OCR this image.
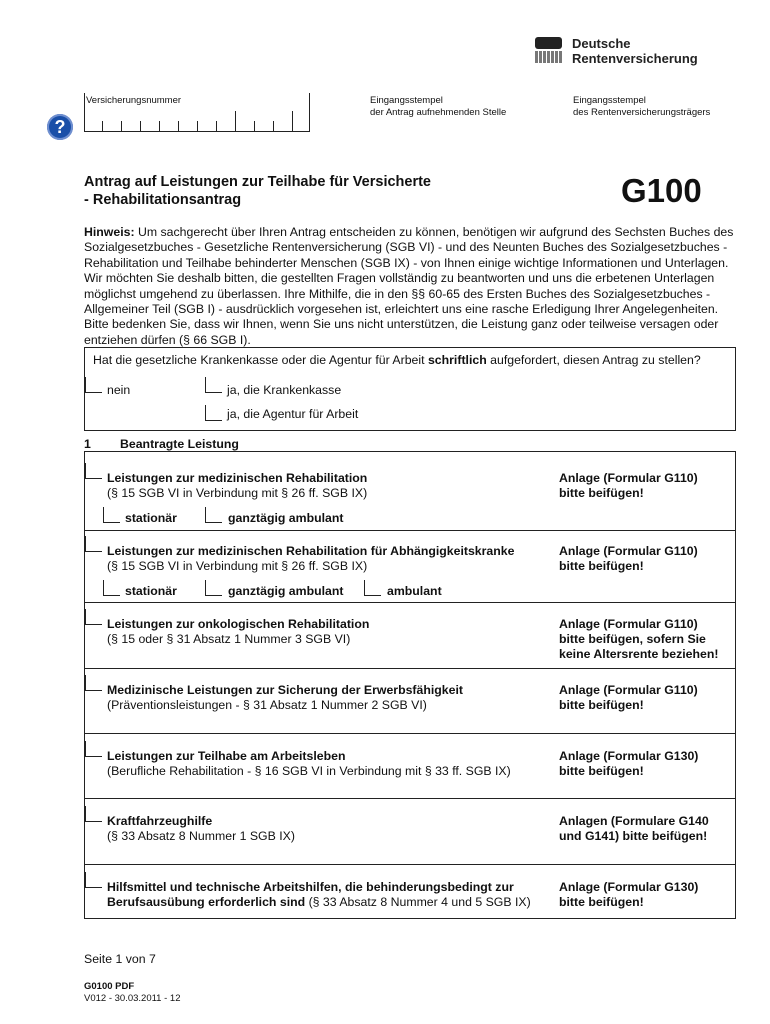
Deutsche
Rentenversicherung
Versicherungsnummer
?
Eingangsstempel
der Antrag aufnehmenden Stelle
Eingangsstempel
des Rentenversicherungsträgers
Antrag auf Leistungen zur Teilhabe für Versicherte
- Rehabilitationsantrag	G100
Hinweis: Um sachgerecht über Ihren Antrag entscheiden zu können, benötigen wir aufgrund des Sechsten Buches des Sozialgesetzbuches - Gesetzliche Rentenversicherung (SGB VI) - und des Neunten Buches des Sozialgesetzbuches - Rehabilitation und Teilhabe behinderter Menschen (SGB IX) - von Ihnen einige wichtige Informationen und Unterlagen. Wir möchten Sie deshalb bitten, die gestellten Fragen vollständig zu beantworten und uns die erbetenen Unterlagen möglichst umgehend zu überlassen. Ihre Mithilfe, die in den §§ 60-65 des Ersten Buches des Sozialgesetzbuches - Allgemeiner Teil (SGB I) - ausdrücklich vorgesehen ist, erleichtert uns eine rasche Erledigung Ihrer Angelegenheiten. Bitte bedenken Sie, dass wir Ihnen, wenn Sie uns nicht unterstützen, die Leistung ganz oder teilweise versagen oder entziehen dürfen (§ 66 SGB I).
Hat die gesetzliche Krankenkasse oder die Agentur für Arbeit schriftlich aufgefordert, diesen Antrag zu stellen?
nein	ja, die Krankenkasse
ja, die Agentur für Arbeit
1 Beantragte Leistung
Leistungen zur medizinischen Rehabilitation
(§ 15 SGB VI in Verbindung mit § 26 ff. SGB IX)
Anlage (Formular G110)
bitte beifügen!
stationär	ganztägig ambulant
Leistungen zur medizinischen Rehabilitation für Abhängigkeitskranke
(§ 15 SGB VI in Verbindung mit § 26 ff. SGB IX)
Anlage (Formular G110)
bitte beifügen!
stationär	ganztägig ambulant	ambulant
Leistungen zur onkologischen Rehabilitation
(§ 15 oder § 31 Absatz 1 Nummer 3 SGB VI)
Anlage (Formular G110)
bitte beifügen, sofern Sie
keine Altersrente beziehen!
Medizinische Leistungen zur Sicherung der Erwerbsfähigkeit
(Präventionsleistungen - § 31 Absatz 1 Nummer 2 SGB VI)
Anlage (Formular G110)
bitte beifügen!
Leistungen zur Teilhabe am Arbeitsleben
(Berufliche Rehabilitation - § 16 SGB VI in Verbindung mit § 33 ff. SGB IX)
Anlage (Formular G130)
bitte beifügen!
Kraftfahrzeughilfe
(§ 33 Absatz 8 Nummer 1 SGB IX)
Anlagen (Formulare G140
und G141) bitte beifügen!
Hilfsmittel und technische Arbeitshilfen, die behinderungsbedingt zur
Berufsausübung erforderlich sind (§ 33 Absatz 8 Nummer 4 und 5 SGB IX)
Anlage (Formular G130)
bitte beifügen!
Seite 1 von 7
G0100 PDF
V012 - 30.03.2011 - 12
